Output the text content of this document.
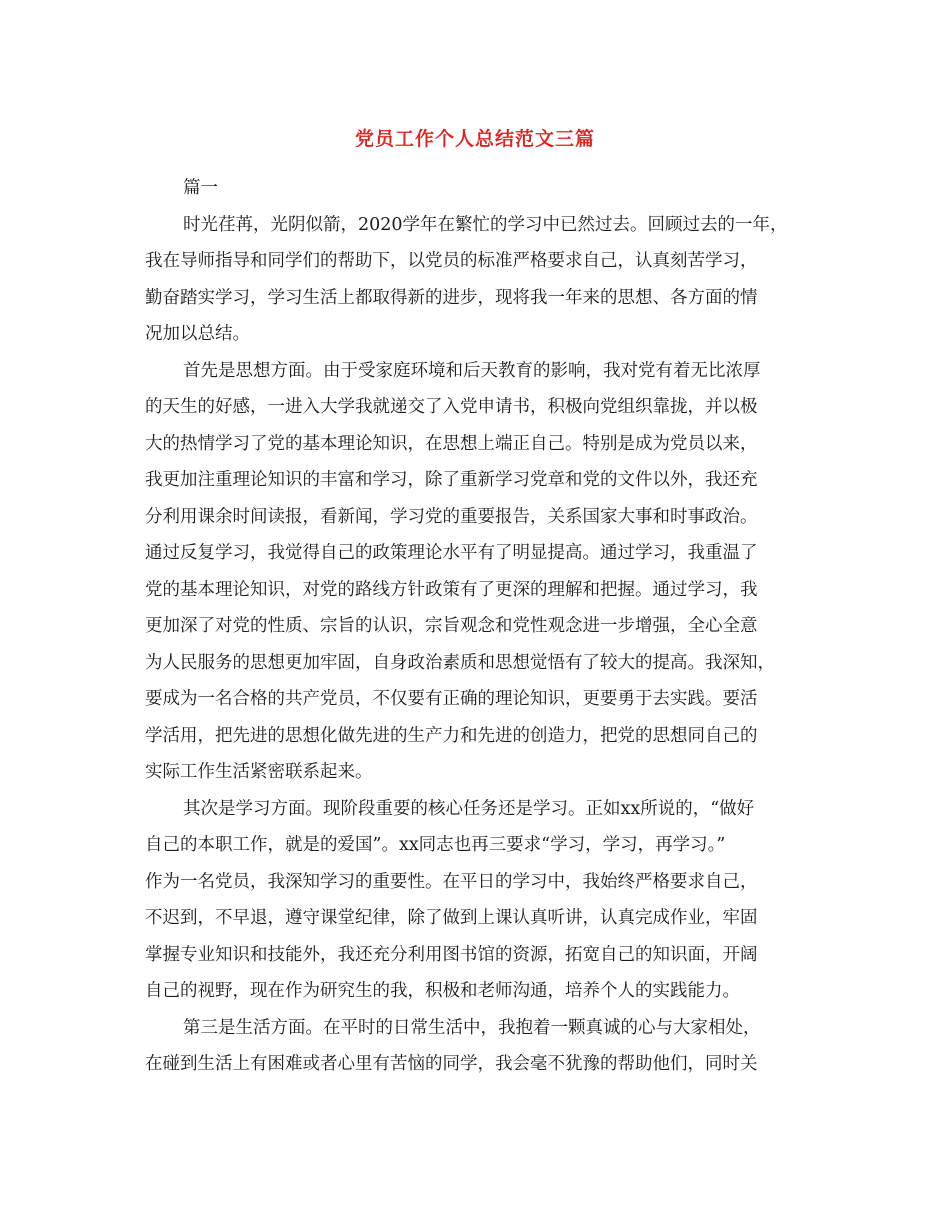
党员工作个人总结范文三篇

篇一

时光荏苒，光阴似箭，2020学年在繁忙的学习中已然过去。回顾过去的一年，

我在导师指导和同学们的帮助下，以党员的标准严格要求自己，认真刻苦学习，

勤奋踏实学习，学习生活上都取得新的进步，现将我一年来的思想、各方面的情

况加以总结。

首先是思想方面。由于受家庭环境和后天教育的影响，我对党有着无比浓厚

的天生的好感，一进入大学我就递交了入党申请书，积极向党组织靠拢，并以极

大的热情学习了党的基本理论知识，在思想上端正自己。特别是成为党员以来，

我更加注重理论知识的丰富和学习，除了重新学习党章和党的文件以外，我还充

分利用课余时间读报，看新闻，学习党的重要报告，关系国家大事和时事政治。

通过反复学习，我觉得自己的政策理论水平有了明显提高。通过学习，我重温了

党的基本理论知识，对党的路线方针政策有了更深的理解和把握。通过学习，我

更加深了对党的性质、宗旨的认识，宗旨观念和党性观念进一步增强，全心全意

为人民服务的思想更加牢固，自身政治素质和思想觉悟有了较大的提高。我深知，

要成为一名合格的共产党员，不仅要有正确的理论知识，更要勇于去实践。要活

学活用，把先进的思想化做先进的生产力和先进的创造力，把党的思想同自己的

实际工作生活紧密联系起来。

其次是学习方面。现阶段重要的核心任务还是学习。正如xx所说的，“做好

自己的本职工作，就是的爱国”。xx同志也再三要求“学习，学习，再学习。”

作为一名党员，我深知学习的重要性。在平日的学习中，我始终严格要求自己，

不迟到，不早退，遵守课堂纪律，除了做到上课认真听讲，认真完成作业，牢固

掌握专业知识和技能外，我还充分利用图书馆的资源，拓宽自己的知识面，开阔

自己的视野，现在作为研究生的我，积极和老师沟通，培养个人的实践能力。

第三是生活方面。在平时的日常生活中，我抱着一颗真诚的心与大家相处，

在碰到生活上有困难或者心里有苦恼的同学，我会毫不犹豫的帮助他们，同时关
